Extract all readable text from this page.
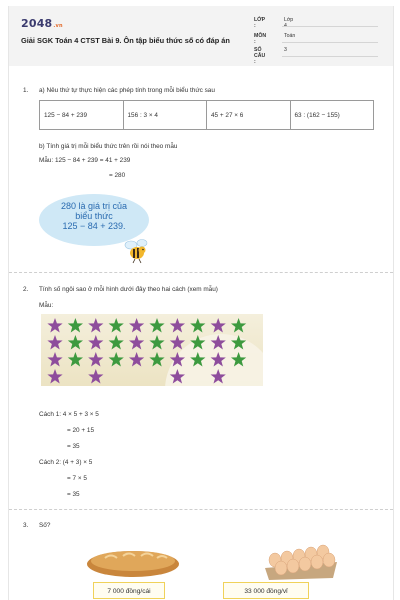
2048.vn
Giải SGK Toán 4 CTST Bài 9. Ôn tập biểu thức số có đáp án
LỚP :
Lớp 4
MÔN :
Toán
SỐ CÂU :
3
1. a) Nêu thứ tự thực hiện các phép tính trong mỗi biểu thức sau
125 − 84 + 239	156 : 3 × 4	45 + 27 × 6	63 : (162 − 155)
b) Tính giá trị mỗi biểu thức trên rồi nói theo mẫu
Mẫu: 125 − 84 + 239 = 41 + 239
= 280
280 là giá trị của
biểu thức
125 − 84 + 239.
2. Tính số ngôi sao ở mỗi hình dưới đây theo hai cách (xem mẫu)
Mẫu:
Cách 1: 4 × 5 + 3 × 5
= 20 + 15
= 35
Cách 2: (4 + 3) × 5
= 7 × 5
= 35
3. Số?
7 000 đồng/cái	33 000 đồng/vỉ
